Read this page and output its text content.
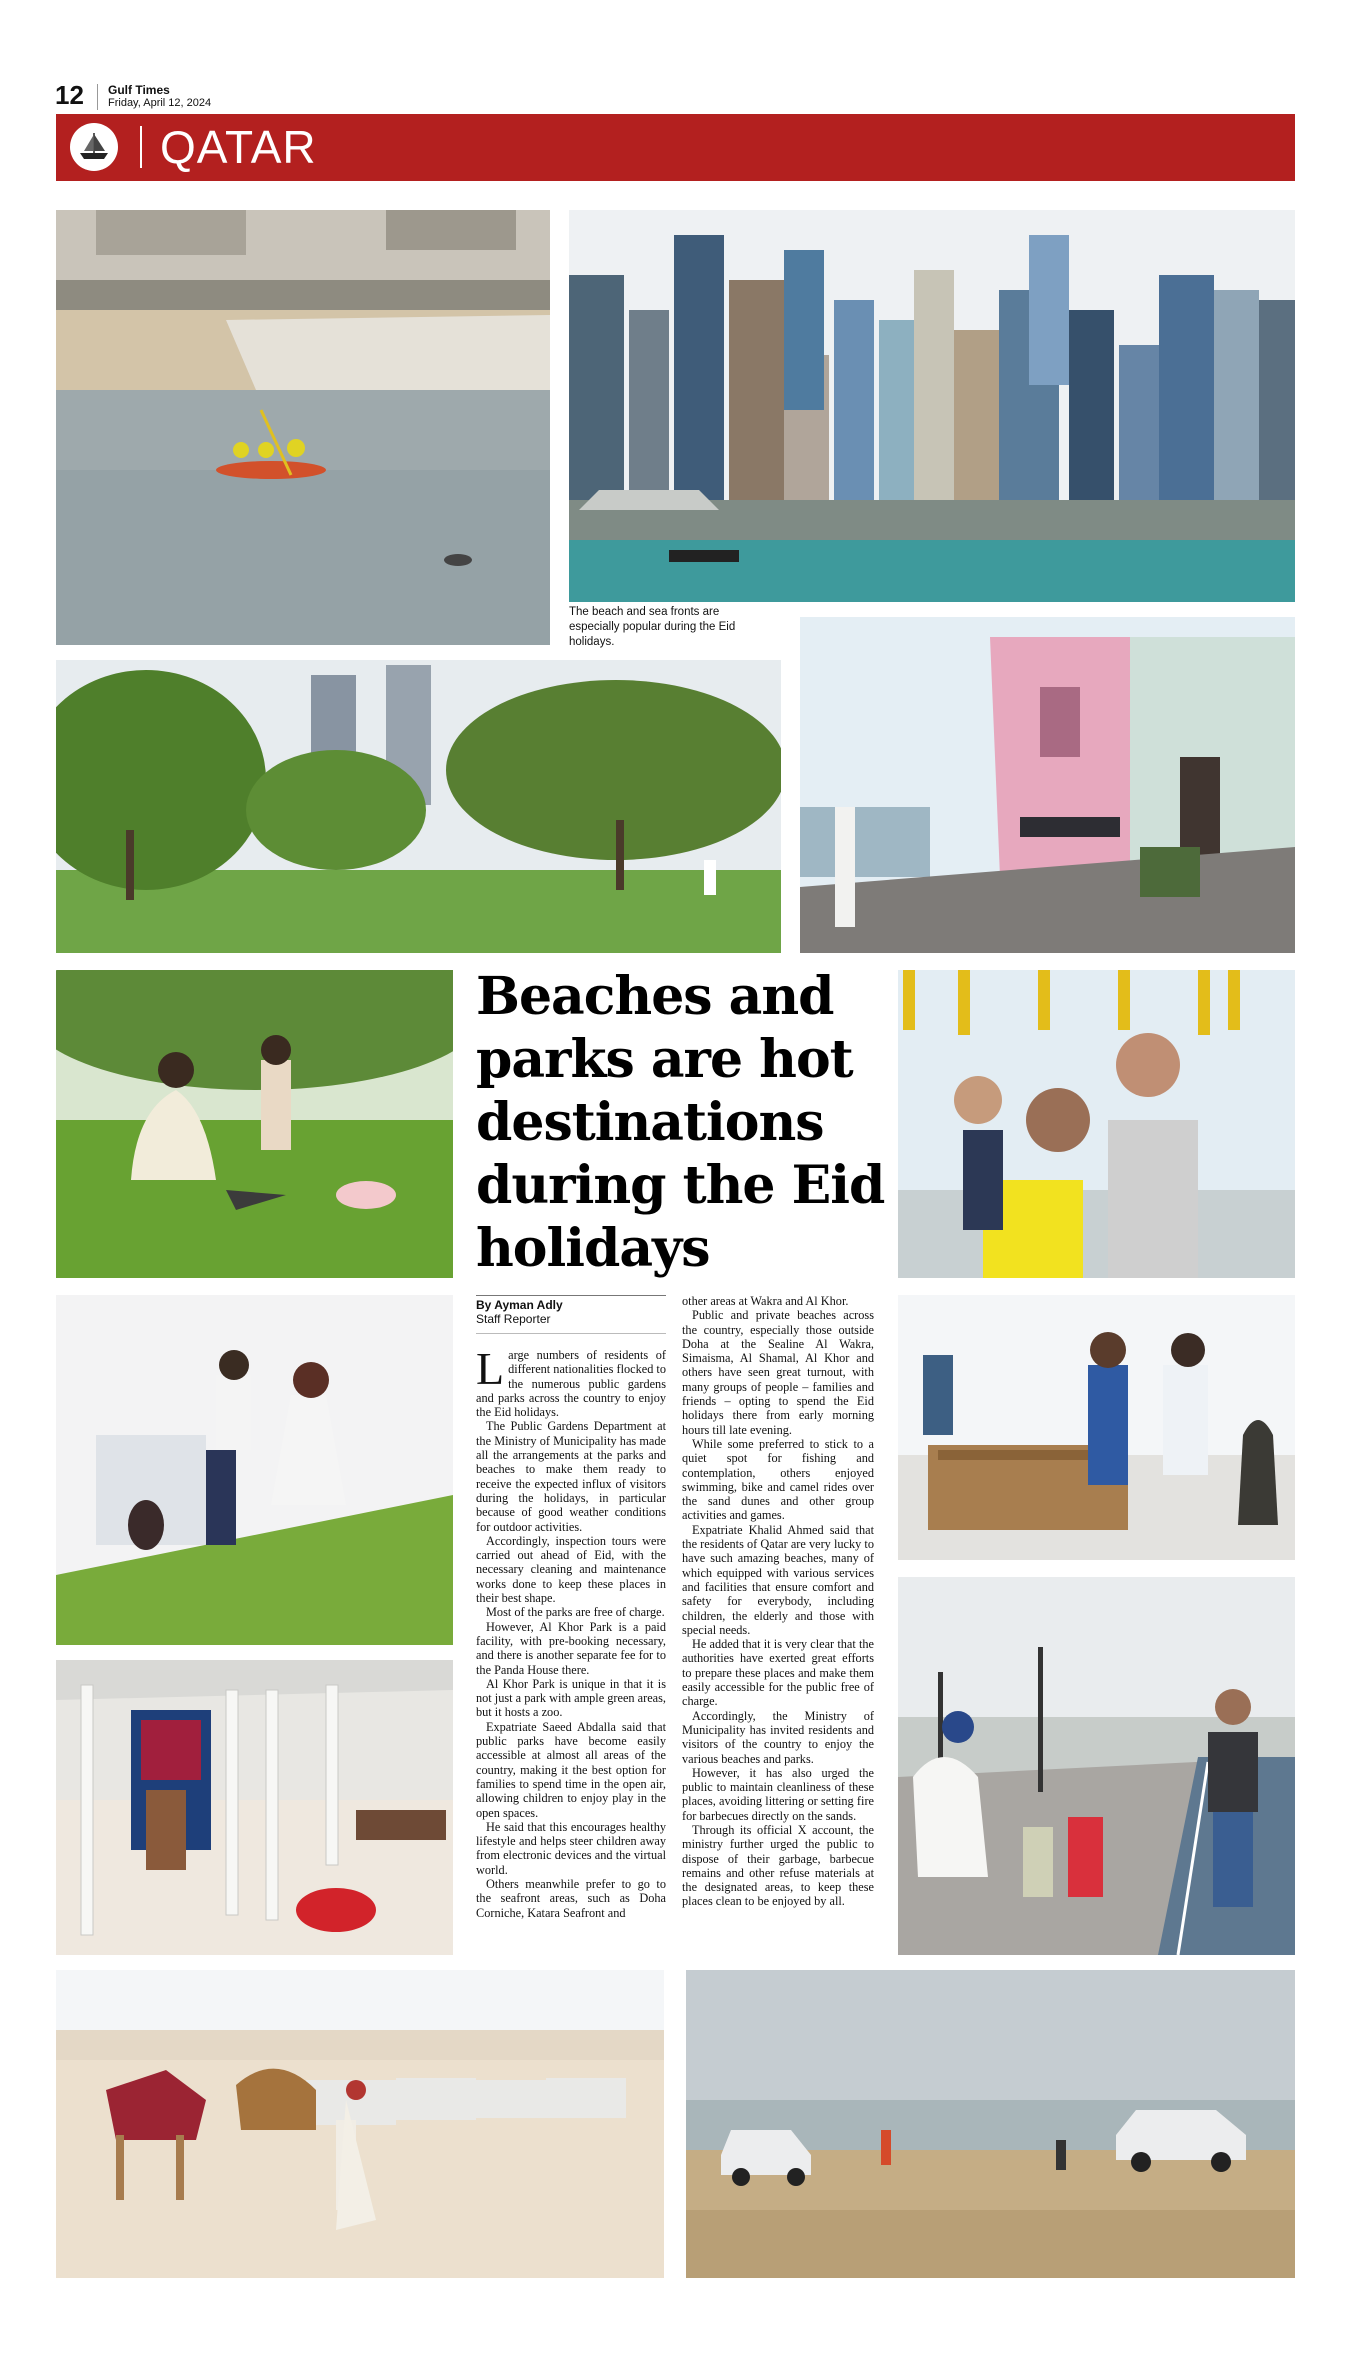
12 Gulf Times
Friday, April 12, 2024
QATAR
The beach and sea fronts are especially popular during the Eid holidays.
Beaches and parks are hot destinations during the Eid holidays
By Ayman Adly
Staff Reporter

Large numbers of residents of different nationalities flocked to the numerous public gardens and parks across the country to enjoy the Eid holidays.

The Public Gardens Department at the Ministry of Municipality has made all the arrangements at the parks and beaches to make them ready to receive the expected influx of visitors during the holidays, in particular because of good weather conditions for outdoor activities.

Accordingly, inspection tours were carried out ahead of Eid, with the necessary cleaning and maintenance works done to keep these places in their best shape.

Most of the parks are free of charge.

However, Al Khor Park is a paid facility, with pre-booking necessary, and there is another separate fee for to the Panda House there.

Al Khor Park is unique in that it is not just a park with ample green areas, but it hosts a zoo.

Expatriate Saeed Abdalla said that public parks have become easily accessible at almost all areas of the country, making it the best option for families to spend time in the open air, allowing children to enjoy play in the open spaces.

He said that this encourages healthy lifestyle and helps steer children away from electronic devices and the virtual world.

Others meanwhile prefer to go to the seafront areas, such as Doha Corniche, Katara Seafront and

other areas at Wakra and Al Khor.

Public and private beaches across the country, especially those outside Doha at the Sealine Al Wakra, Simaisma, Al Shamal, Al Khor and others have seen great turnout, with many groups of people – families and friends – opting to spend the Eid holidays there from early morning hours till late evening.

While some preferred to stick to a quiet spot for fishing and contemplation, others enjoyed swimming, bike and camel rides over the sand dunes and other group activities and games.

Expatriate Khalid Ahmed said that the residents of Qatar are very lucky to have such amazing beaches, many of which equipped with various services and facilities that ensure comfort and safety for everybody, including children, the elderly and those with special needs.

He added that it is very clear that the authorities have exerted great efforts to prepare these places and make them easily accessible for the public free of charge.

Accordingly, the Ministry of Municipality has invited residents and visitors of the country to enjoy the various beaches and parks.

However, it has also urged the public to maintain cleanliness of these places, avoiding littering or setting fire for barbecues directly on the sands.

Through its official X account, the ministry further urged the public to dispose of their garbage, barbecue remains and other refuse materials at the designated areas, to keep these places clean to be enjoyed by all.
